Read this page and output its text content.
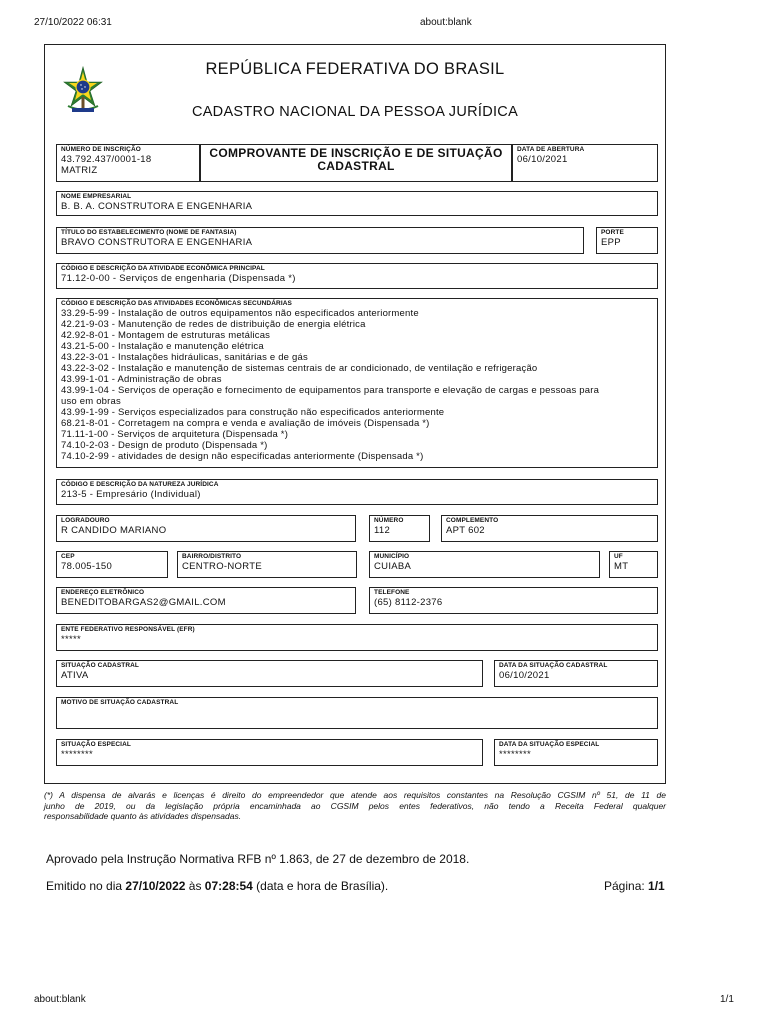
27/10/2022 06:31	about:blank
REPÚBLICA FEDERATIVA DO BRASIL
CADASTRO NACIONAL DA PESSOA JURÍDICA
NÚMERO DE INSCRIÇÃO
43.792.437/0001-18
MATRIZ
COMPROVANTE DE INSCRIÇÃO E DE SITUAÇÃO
CADASTRAL
DATA DE ABERTURA
06/10/2021
NOME EMPRESARIAL
B. B. A. CONSTRUTORA E ENGENHARIA
TÍTULO DO ESTABELECIMENTO (NOME DE FANTASIA)
BRAVO CONSTRUTORA E ENGENHARIA
PORTE
EPP
CÓDIGO E DESCRIÇÃO DA ATIVIDADE ECONÔMICA PRINCIPAL
71.12-0-00 - Serviços de engenharia (Dispensada *)
CÓDIGO E DESCRIÇÃO DAS ATIVIDADES ECONÔMICAS SECUNDÁRIAS
33.29-5-99 - Instalação de outros equipamentos não especificados anteriormente
42.21-9-03 - Manutenção de redes de distribuição de energia elétrica
42.92-8-01 - Montagem de estruturas metálicas
43.21-5-00 - Instalação e manutenção elétrica
43.22-3-01 - Instalações hidráulicas, sanitárias e de gás
43.22-3-02 - Instalação e manutenção de sistemas centrais de ar condicionado, de ventilação e refrigeração
43.99-1-01 - Administração de obras
43.99-1-04 - Serviços de operação e fornecimento de equipamentos para transporte e elevação de cargas e pessoas para
uso em obras
43.99-1-99 - Serviços especializados para construção não especificados anteriormente
68.21-8-01 - Corretagem na compra e venda e avaliação de imóveis (Dispensada *)
71.11-1-00 - Serviços de arquitetura (Dispensada *)
74.10-2-03 - Design de produto (Dispensada *)
74.10-2-99 - atividades de design não especificadas anteriormente (Dispensada *)
CÓDIGO E DESCRIÇÃO DA NATUREZA JURÍDICA
213-5 - Empresário (Individual)
LOGRADOURO
R CANDIDO MARIANO
NÚMERO
112
COMPLEMENTO
APT 602
CEP
78.005-150
BAIRRO/DISTRITO
CENTRO-NORTE
MUNICÍPIO
CUIABA
UF
MT
ENDEREÇO ELETRÔNICO
BENEDITOBARGAS2@GMAIL.COM
TELEFONE
(65) 8112-2376
ENTE FEDERATIVO RESPONSÁVEL (EFR)
*****
SITUAÇÃO CADASTRAL
ATIVA
DATA DA SITUAÇÃO CADASTRAL
06/10/2021
MOTIVO DE SITUAÇÃO CADASTRAL
SITUAÇÃO ESPECIAL
********
DATA DA SITUAÇÃO ESPECIAL
********
(*) A dispensa de alvarás e licenças é direito do empreendedor que atende aos requisitos constantes na Resolução CGSIM nº 51, de 11 de
junho de 2019, ou da legislação própria encaminhada ao CGSIM pelos entes federativos, não tendo a Receita Federal qualquer
responsabilidade quanto às atividades dispensadas.
Aprovado pela Instrução Normativa RFB nº 1.863, de 27 de dezembro de 2018.
Emitido no dia 27/10/2022 às 07:28:54 (data e hora de Brasília).	Página: 1/1
about:blank	1/1
